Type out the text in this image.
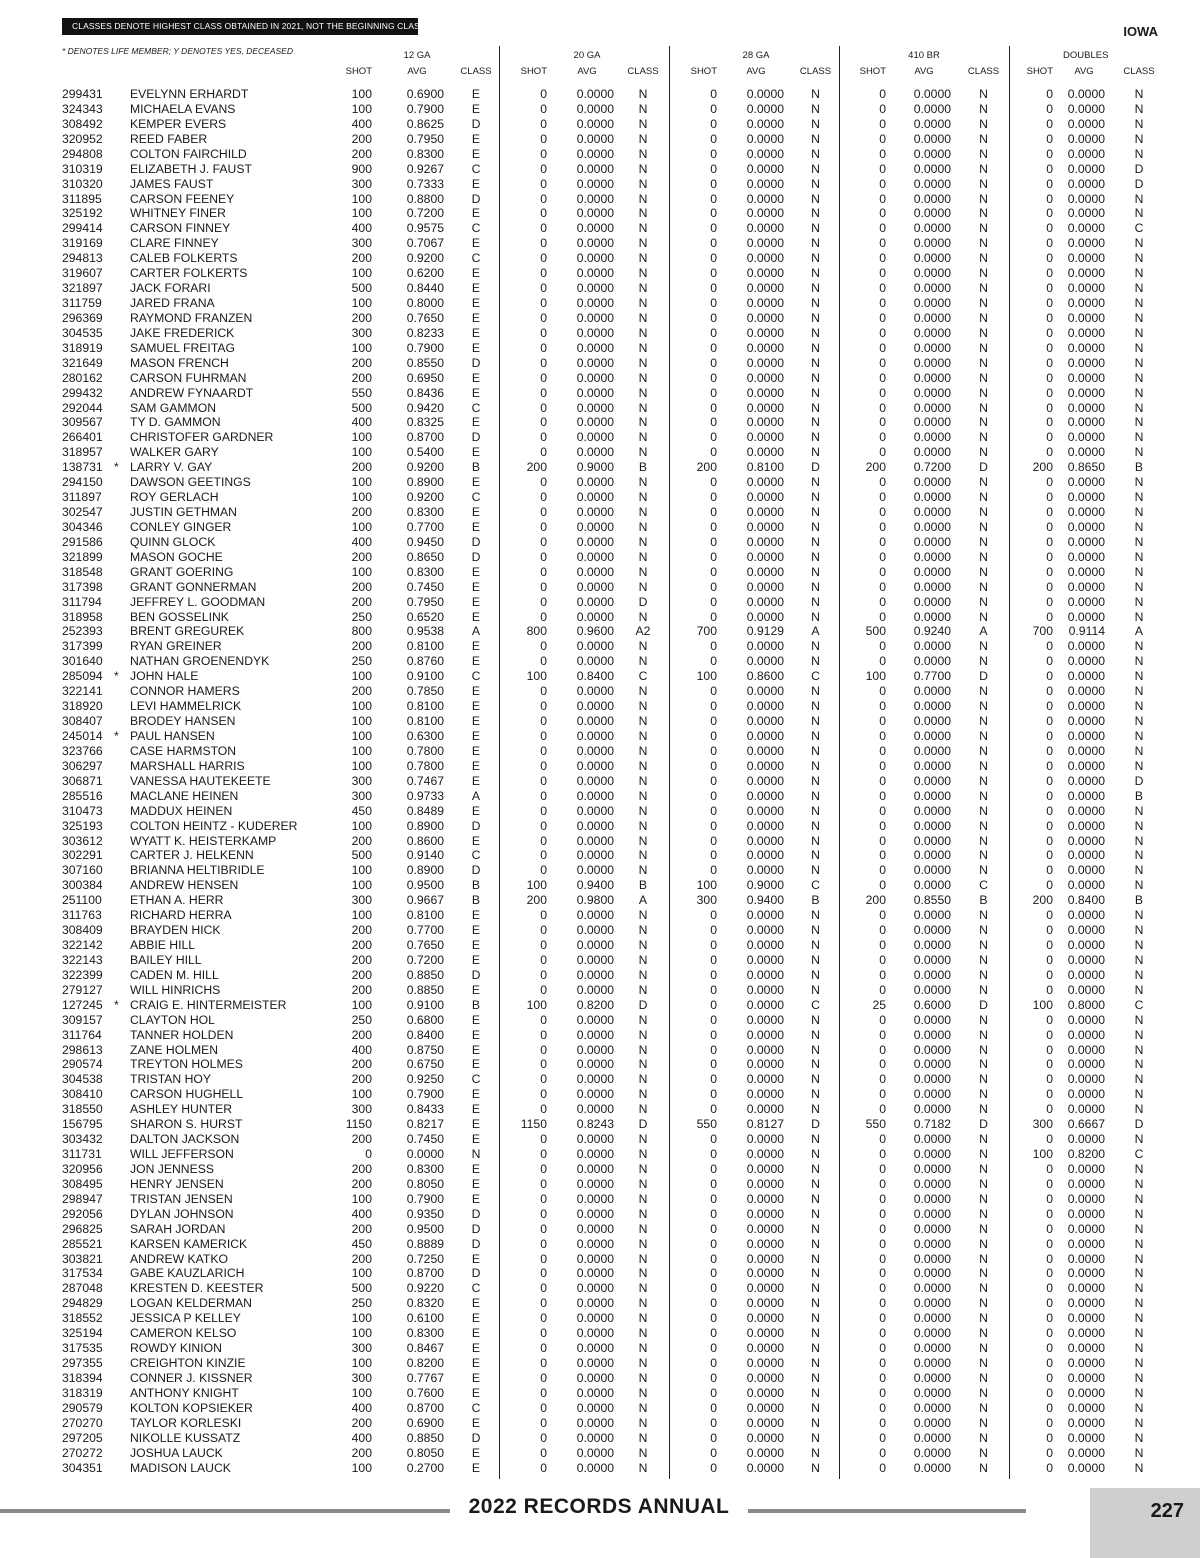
CLASSES DENOTE HIGHEST CLASS OBTAINED IN 2021, NOT THE BEGINNING CLASS FOR 2022.	IOWA
* DENOTES LIFE MEMBER; Y DENOTES YES, DECEASED	12 GA
SHOT	AVG	CLASS
20 GA
SHOT	AVG	CLASS
28 GA
SHOT	AVG	CLASS
410 BR
SHOT	AVG	CLASS
DOUBLES
SHOT	AVG	CLASS
299431 EVELYNN ERHARDT	100	0.6900	E	0	0.0000	N	0	0.0000	N	0	0.0000	N	0	0.0000	N
324343 MICHAELA EVANS	100	0.7900	E	0	0.0000	N	0	0.0000	N	0	0.0000	N	0	0.0000	N
308492 KEMPER EVERS	400	0.8625	D	0	0.0000	N	0	0.0000	N	0	0.0000	N	0	0.0000	N
320952 REED FABER	200	0.7950	E	0	0.0000	N	0	0.0000	N	0	0.0000	N	0	0.0000	N
294808 COLTON FAIRCHILD	200	0.8300	E	0	0.0000	N	0	0.0000	N	0	0.0000	N	0	0.0000	N
310319 ELIZABETH J. FAUST	900	0.9267	C	0	0.0000	N	0	0.0000	N	0	0.0000	N	0	0.0000	D
310320 JAMES FAUST	300	0.7333	E	0	0.0000	N	0	0.0000	N	0	0.0000	N	0	0.0000	D
311895 CARSON FEENEY	100	0.8800	D	0	0.0000	N	0	0.0000	N	0	0.0000	N	0	0.0000	N
325192 WHITNEY FINER	100	0.7200	E	0	0.0000	N	0	0.0000	N	0	0.0000	N	0	0.0000	N
299414 CARSON FINNEY	400	0.9575	C	0	0.0000	N	0	0.0000	N	0	0.0000	N	0	0.0000	C
319169 CLARE FINNEY	300	0.7067	E	0	0.0000	N	0	0.0000	N	0	0.0000	N	0	0.0000	N
294813 CALEB FOLKERTS	200	0.9200	C	0	0.0000	N	0	0.0000	N	0	0.0000	N	0	0.0000	N
319607 CARTER FOLKERTS	100	0.6200	E	0	0.0000	N	0	0.0000	N	0	0.0000	N	0	0.0000	N
321897 JACK FORARI	500	0.8440	E	0	0.0000	N	0	0.0000	N	0	0.0000	N	0	0.0000	N
311759 JARED FRANA	100	0.8000	E	0	0.0000	N	0	0.0000	N	0	0.0000	N	0	0.0000	N
296369 RAYMOND FRANZEN	200	0.7650	E	0	0.0000	N	0	0.0000	N	0	0.0000	N	0	0.0000	N
304535 JAKE FREDERICK	300	0.8233	E	0	0.0000	N	0	0.0000	N	0	0.0000	N	0	0.0000	N
318919 SAMUEL FREITAG	100	0.7900	E	0	0.0000	N	0	0.0000	N	0	0.0000	N	0	0.0000	N
321649 MASON FRENCH	200	0.8550	D	0	0.0000	N	0	0.0000	N	0	0.0000	N	0	0.0000	N
280162 CARSON FUHRMAN	200	0.6950	E	0	0.0000	N	0	0.0000	N	0	0.0000	N	0	0.0000	N
299432 ANDREW FYNAARDT	550	0.8436	E	0	0.0000	N	0	0.0000	N	0	0.0000	N	0	0.0000	N
292044 SAM GAMMON	500	0.9420	C	0	0.0000	N	0	0.0000	N	0	0.0000	N	0	0.0000	N
309567 TY D. GAMMON	400	0.8325	E	0	0.0000	N	0	0.0000	N	0	0.0000	N	0	0.0000	N
266401 CHRISTOFER GARDNER	100	0.8700	D	0	0.0000	N	0	0.0000	N	0	0.0000	N	0	0.0000	N
318957 WALKER GARY	100	0.5400	E	0	0.0000	N	0	0.0000	N	0	0.0000	N	0	0.0000	N
138731 * LARRY V. GAY	200	0.9200	B	200	0.9000	B	200	0.8100	D	200	0.7200	D	200	0.8650	B
294150 DAWSON GEETINGS	100	0.8900	E	0	0.0000	N	0	0.0000	N	0	0.0000	N	0	0.0000	N
311897 ROY GERLACH	100	0.9200	C	0	0.0000	N	0	0.0000	N	0	0.0000	N	0	0.0000	N
302547 JUSTIN GETHMAN	200	0.8300	E	0	0.0000	N	0	0.0000	N	0	0.0000	N	0	0.0000	N
304346 CONLEY GINGER	100	0.7700	E	0	0.0000	N	0	0.0000	N	0	0.0000	N	0	0.0000	N
291586 QUINN GLOCK	400	0.9450	D	0	0.0000	N	0	0.0000	N	0	0.0000	N	0	0.0000	N
321899 MASON GOCHE	200	0.8650	D	0	0.0000	N	0	0.0000	N	0	0.0000	N	0	0.0000	N
318548 GRANT GOERING	100	0.8300	E	0	0.0000	N	0	0.0000	N	0	0.0000	N	0	0.0000	N
317398 GRANT GONNERMAN	200	0.7450	E	0	0.0000	N	0	0.0000	N	0	0.0000	N	0	0.0000	N
311794 JEFFREY L. GOODMAN	200	0.7950	E	0	0.0000	D	0	0.0000	N	0	0.0000	N	0	0.0000	N
318958 BEN GOSSELINK	250	0.6520	E	0	0.0000	N	0	0.0000	N	0	0.0000	N	0	0.0000	N
252393 BRENT GREGUREK	800	0.9538	A	800	0.9600	A2	700	0.9129	A	500	0.9240	A	700	0.9114	A
317399 RYAN GREINER	200	0.8100	E	0	0.0000	N	0	0.0000	N	0	0.0000	N	0	0.0000	N
301640 NATHAN GROENENDYK	250	0.8760	E	0	0.0000	N	0	0.0000	N	0	0.0000	N	0	0.0000	N
285094 * JOHN HALE	100	0.9100	C	100	0.8400	C	100	0.8600	C	100	0.7700	D	0	0.0000	N
322141 CONNOR HAMERS	200	0.7850	E	0	0.0000	N	0	0.0000	N	0	0.0000	N	0	0.0000	N
318920 LEVI HAMMELRICK	100	0.8100	E	0	0.0000	N	0	0.0000	N	0	0.0000	N	0	0.0000	N
308407 BRODEY HANSEN	100	0.8100	E	0	0.0000	N	0	0.0000	N	0	0.0000	N	0	0.0000	N
245014 * PAUL HANSEN	100	0.6300	E	0	0.0000	N	0	0.0000	N	0	0.0000	N	0	0.0000	N
323766 CASE HARMSTON	100	0.7800	E	0	0.0000	N	0	0.0000	N	0	0.0000	N	0	0.0000	N
306297 MARSHALL HARRIS	100	0.7800	E	0	0.0000	N	0	0.0000	N	0	0.0000	N	0	0.0000	N
306871 VANESSA HAUTEKEETE	300	0.7467	E	0	0.0000	N	0	0.0000	N	0	0.0000	N	0	0.0000	D
285516 MACLANE HEINEN	300	0.9733	A	0	0.0000	N	0	0.0000	N	0	0.0000	N	0	0.0000	B
310473 MADDUX HEINEN	450	0.8489	E	0	0.0000	N	0	0.0000	N	0	0.0000	N	0	0.0000	N
325193 COLTON HEINTZ - KUDERER	100	0.8900	D	0	0.0000	N	0	0.0000	N	0	0.0000	N	0	0.0000	N
303612 WYATT K. HEISTERKAMP	200	0.8600	E	0	0.0000	N	0	0.0000	N	0	0.0000	N	0	0.0000	N
302291 CARTER J. HELKENN	500	0.9140	C	0	0.0000	N	0	0.0000	N	0	0.0000	N	0	0.0000	N
307160 BRIANNA HELTIBRIDLE	100	0.8900	D	0	0.0000	N	0	0.0000	N	0	0.0000	N	0	0.0000	N
300384 ANDREW HENSEN	100	0.9500	B	100	0.9400	B	100	0.9000	C	0	0.0000	C	0	0.0000	N
251100 ETHAN A. HERR	300	0.9667	B	200	0.9800	A	300	0.9400	B	200	0.8550	B	200	0.8400	B
311763 RICHARD HERRA	100	0.8100	E	0	0.0000	N	0	0.0000	N	0	0.0000	N	0	0.0000	N
308409 BRAYDEN HICK	200	0.7700	E	0	0.0000	N	0	0.0000	N	0	0.0000	N	0	0.0000	N
322142 ABBIE HILL	200	0.7650	E	0	0.0000	N	0	0.0000	N	0	0.0000	N	0	0.0000	N
322143 BAILEY HILL	200	0.7200	E	0	0.0000	N	0	0.0000	N	0	0.0000	N	0	0.0000	N
322399 CADEN M. HILL	200	0.8850	D	0	0.0000	N	0	0.0000	N	0	0.0000	N	0	0.0000	N
279127 WILL HINRICHS	200	0.8850	E	0	0.0000	N	0	0.0000	N	0	0.0000	N	0	0.0000	N
127245 * CRAIG E. HINTERMEISTER	100	0.9100	B	100	0.8200	D	0	0.0000	C	25	0.6000	D	100	0.8000	C
309157 CLAYTON HOL	250	0.6800	E	0	0.0000	N	0	0.0000	N	0	0.0000	N	0	0.0000	N
311764 TANNER HOLDEN	200	0.8400	E	0	0.0000	N	0	0.0000	N	0	0.0000	N	0	0.0000	N
298613 ZANE HOLMEN	400	0.8750	E	0	0.0000	N	0	0.0000	N	0	0.0000	N	0	0.0000	N
290574 TREYTON HOLMES	200	0.6750	E	0	0.0000	N	0	0.0000	N	0	0.0000	N	0	0.0000	N
304538 TRISTAN HOY	200	0.9250	C	0	0.0000	N	0	0.0000	N	0	0.0000	N	0	0.0000	N
308410 CARSON HUGHELL	100	0.7900	E	0	0.0000	N	0	0.0000	N	0	0.0000	N	0	0.0000	N
318550 ASHLEY HUNTER	300	0.8433	E	0	0.0000	N	0	0.0000	N	0	0.0000	N	0	0.0000	N
156795 SHARON S. HURST	1150	0.8217	E	1150	0.8243	D	550	0.8127	D	550	0.7182	D	300	0.6667	D
303432 DALTON JACKSON	200	0.7450	E	0	0.0000	N	0	0.0000	N	0	0.0000	N	0	0.0000	N
311731 WILL JEFFERSON	0	0.0000	N	0	0.0000	N	0	0.0000	N	0	0.0000	N	100	0.8200	C
320956 JON JENNESS	200	0.8300	E	0	0.0000	N	0	0.0000	N	0	0.0000	N	0	0.0000	N
308495 HENRY JENSEN	200	0.8050	E	0	0.0000	N	0	0.0000	N	0	0.0000	N	0	0.0000	N
298947 TRISTAN JENSEN	100	0.7900	E	0	0.0000	N	0	0.0000	N	0	0.0000	N	0	0.0000	N
292056 DYLAN JOHNSON	400	0.9350	D	0	0.0000	N	0	0.0000	N	0	0.0000	N	0	0.0000	N
296825 SARAH JORDAN	200	0.9500	D	0	0.0000	N	0	0.0000	N	0	0.0000	N	0	0.0000	N
285521 KARSEN KAMERICK	450	0.8889	D	0	0.0000	N	0	0.0000	N	0	0.0000	N	0	0.0000	N
303821 ANDREW KATKO	200	0.7250	E	0	0.0000	N	0	0.0000	N	0	0.0000	N	0	0.0000	N
317534 GABE KAUZLARICH	100	0.8700	D	0	0.0000	N	0	0.0000	N	0	0.0000	N	0	0.0000	N
287048 KRESTEN D. KEESTER	500	0.9220	C	0	0.0000	N	0	0.0000	N	0	0.0000	N	0	0.0000	N
294829 LOGAN KELDERMAN	250	0.8320	E	0	0.0000	N	0	0.0000	N	0	0.0000	N	0	0.0000	N
318552 JESSICA P KELLEY	100	0.6100	E	0	0.0000	N	0	0.0000	N	0	0.0000	N	0	0.0000	N
325194 CAMERON KELSO	100	0.8300	E	0	0.0000	N	0	0.0000	N	0	0.0000	N	0	0.0000	N
317535 ROWDY KINION	300	0.8467	E	0	0.0000	N	0	0.0000	N	0	0.0000	N	0	0.0000	N
297355 CREIGHTON KINZIE	100	0.8200	E	0	0.0000	N	0	0.0000	N	0	0.0000	N	0	0.0000	N
318394 CONNER J. KISSNER	300	0.7767	E	0	0.0000	N	0	0.0000	N	0	0.0000	N	0	0.0000	N
318319 ANTHONY KNIGHT	100	0.7600	E	0	0.0000	N	0	0.0000	N	0	0.0000	N	0	0.0000	N
290579 KOLTON KOPSIEKER	400	0.8700	C	0	0.0000	N	0	0.0000	N	0	0.0000	N	0	0.0000	N
270270 TAYLOR KORLESKI	200	0.6900	E	0	0.0000	N	0	0.0000	N	0	0.0000	N	0	0.0000	N
297205 NIKOLLE KUSSATZ	400	0.8850	D	0	0.0000	N	0	0.0000	N	0	0.0000	N	0	0.0000	N
270272 JOSHUA LAUCK	200	0.8050	E	0	0.0000	N	0	0.0000	N	0	0.0000	N	0	0.0000	N
304351 MADISON LAUCK	100	0.2700	E	0	0.0000	N	0	0.0000	N	0	0.0000	N	0	0.0000	N
2022 RECORDS ANNUAL	227
